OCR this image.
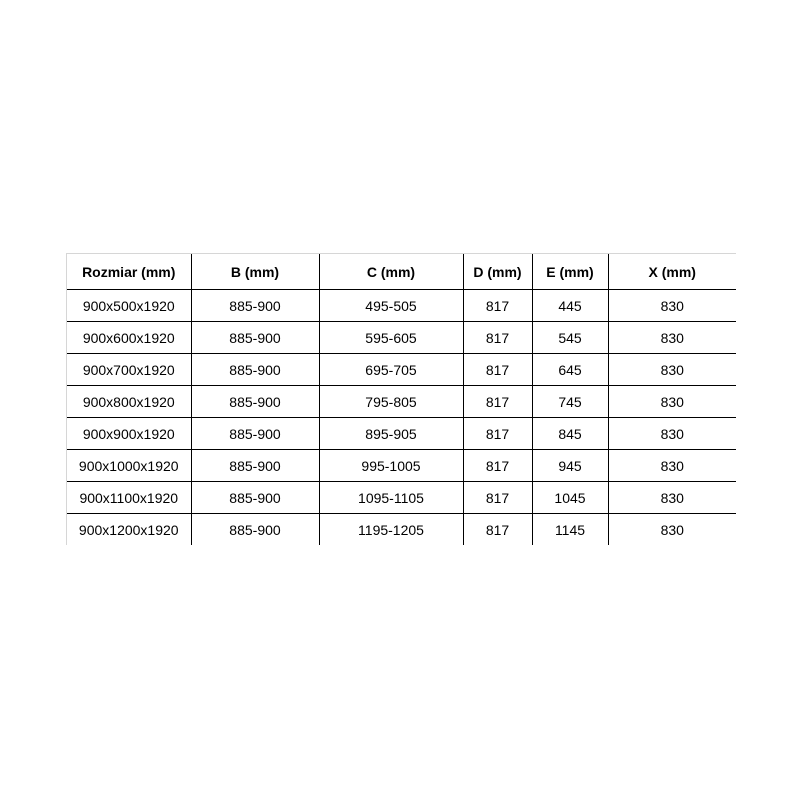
Rozmiar (mm)	B (mm)	C (mm)	D (mm)	E (mm)	X (mm)
900x500x1920	885-900	495-505	817	445	830
900x600x1920	885-900	595-605	817	545	830
900x700x1920	885-900	695-705	817	645	830
900x800x1920	885-900	795-805	817	745	830
900x900x1920	885-900	895-905	817	845	830
900x1000x1920	885-900	995-1005	817	945	830
900x1100x1920	885-900	1095-1105	817	1045	830
900x1200x1920	885-900	1195-1205	817	1145	830
